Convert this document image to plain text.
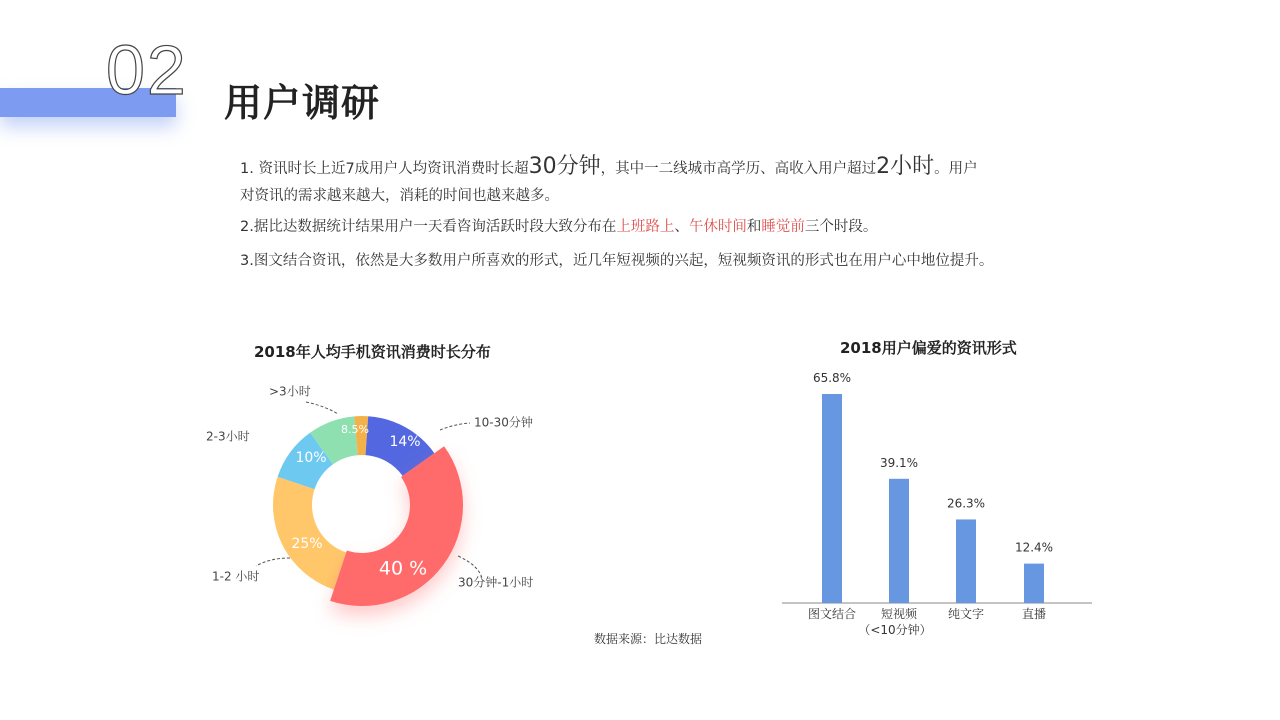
02 用户调研

1. 资讯时长上近7成用户人均资讯消费时长超30分钟，其中一二线城市高学历、高收入用户超过2小时。用户

对资讯的需求越来越大，消耗的时间也越来越多。

2.据比达数据统计结果用户一天看咨询活跃时段大致分布在上班路上、午休时间和睡觉前三个时段。

3.图文结合资讯，依然是大多数用户所喜欢的形式，近几年短视频的兴起，短视频资讯的形式也在用户心中地位提升。

2018年人均手机资讯消费时长分布
14%
40 %
25%
10%
8.5%	10-30分钟
30分钟-1小时
1-2 小时
2-3小时
>3小时
2018用户偏爱的资讯形式
65.8%
图文结合
39.1%
短视频
（<10分钟）
26.3%
纯文字
12.4%
直播
数据来源：比达数据
